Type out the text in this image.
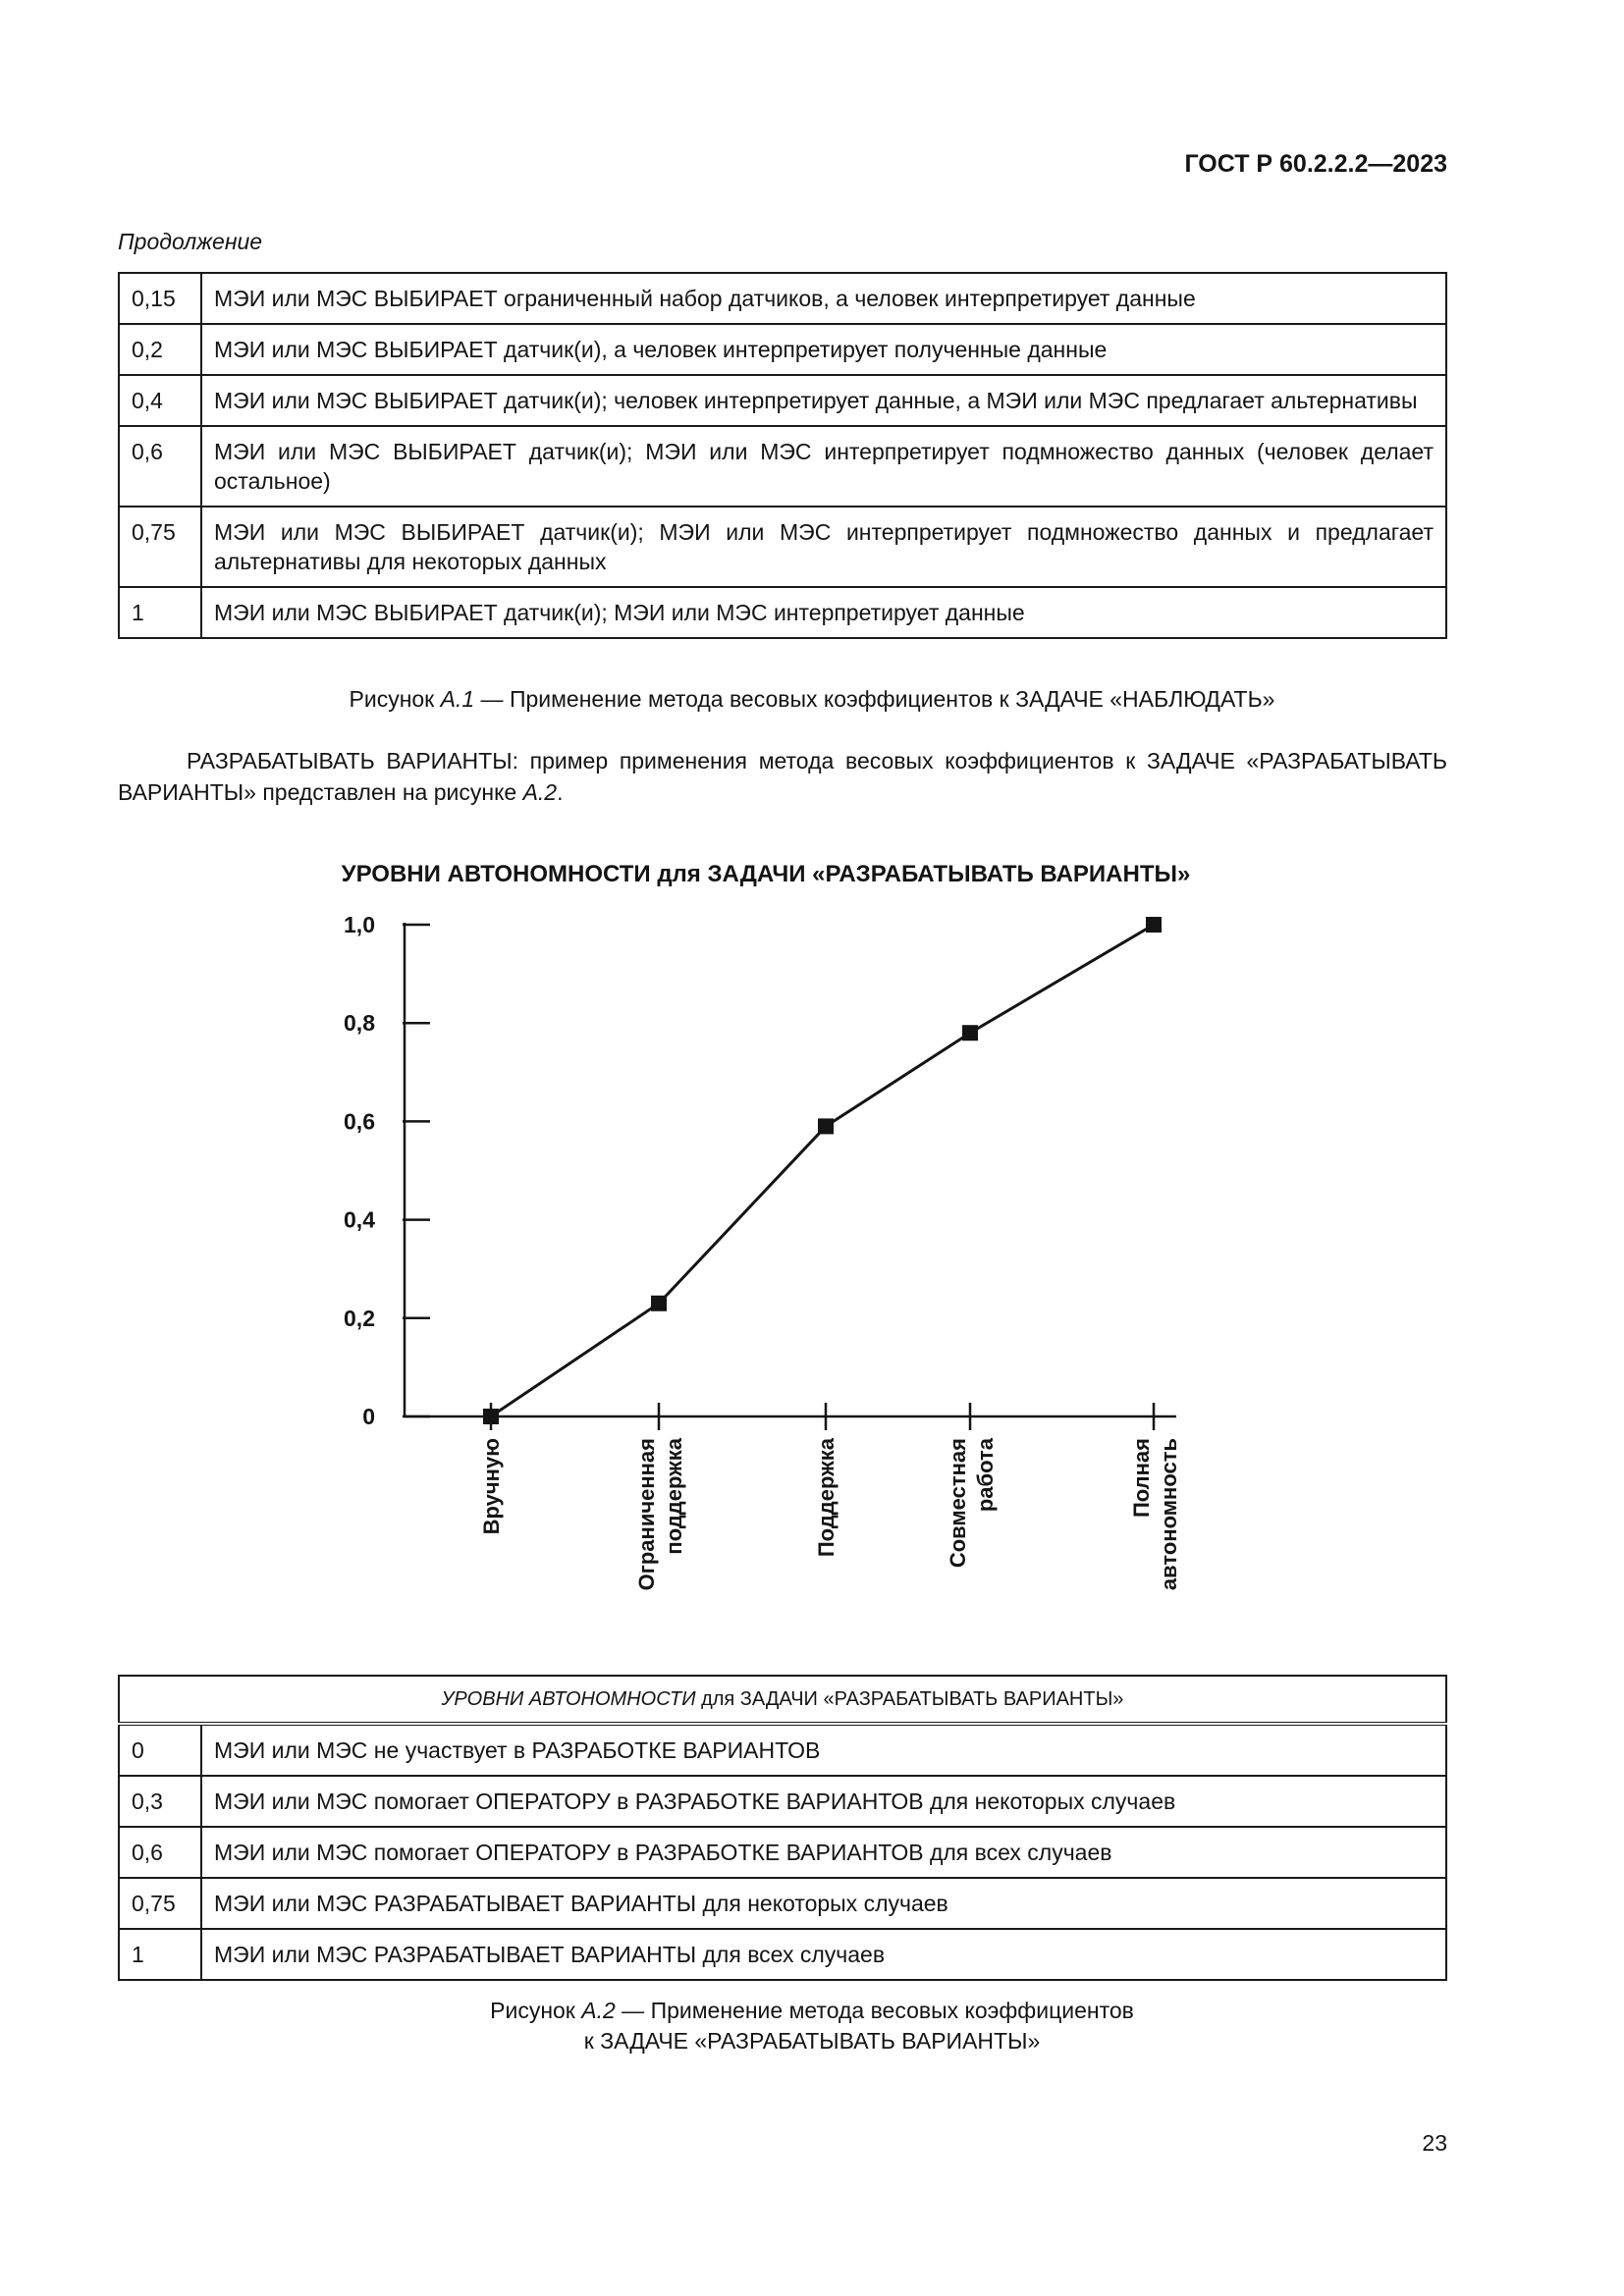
ГОСТ Р 60.2.2.2—2023
Продолжение
0,15	МЭИ или МЭС ВЫБИРАЕТ ограниченный набор датчиков, а человек интерпретирует данные
0,2	МЭИ или МЭС ВЫБИРАЕТ датчик(и), а человек интерпретирует полученные данные
0,4	МЭИ или МЭС ВЫБИРАЕТ датчик(и); человек интерпретирует данные, а МЭИ или МЭС предлагает альтернативы
0,6	МЭИ или МЭС ВЫБИРАЕТ датчик(и); МЭИ или МЭС интерпретирует подмножество данных (человек делает остальное)
0,75	МЭИ или МЭС ВЫБИРАЕТ датчик(и); МЭИ или МЭС интерпретирует подмножество данных и предлагает альтернативы для некоторых данных
1	МЭИ или МЭС ВЫБИРАЕТ датчик(и); МЭИ или МЭС интерпретирует данные
Рисунок А.1 — Применение метода весовых коэффициентов к ЗАДАЧЕ «НАБЛЮДАТЬ»

РАЗРАБАТЫВАТЬ ВАРИАНТЫ: пример применения метода весовых коэффициентов к ЗАДАЧЕ «РАЗРАБАТЫВАТЬ ВАРИАНТЫ» представлен на рисунке А.2.

УРОВНИ АВТОНОМНОСТИ для ЗАДАЧИ «РАЗРАБАТЫВАТЬ ВАРИАНТЫ»
0
0,2
0,4
0,6
0,8
1,0
Вручную	Ограниченная поддержка	Поддержка	Совместная работа	Полная автономность
УРОВНИ АВТОНОМНОСТИ для ЗАДАЧИ «РАЗРАБАТЫВАТЬ ВАРИАНТЫ»	
0	МЭИ или МЭС не участвует в РАЗРАБОТКЕ ВАРИАНТОВ
0,3	МЭИ или МЭС помогает ОПЕРАТОРУ в РАЗРАБОТКЕ ВАРИАНТОВ для некоторых случаев
0,6	МЭИ или МЭС помогает ОПЕРАТОРУ в РАЗРАБОТКЕ ВАРИАНТОВ для всех случаев
0,75	МЭИ или МЭС РАЗРАБАТЫВАЕТ ВАРИАНТЫ для некоторых случаев
1	МЭИ или МЭС РАЗРАБАТЫВАЕТ ВАРИАНТЫ для всех случаев
Рисунок А.2 — Применение метода весовых коэффициентов
к ЗАДАЧЕ «РАЗРАБАТЫВАТЬ ВАРИАНТЫ»
23
